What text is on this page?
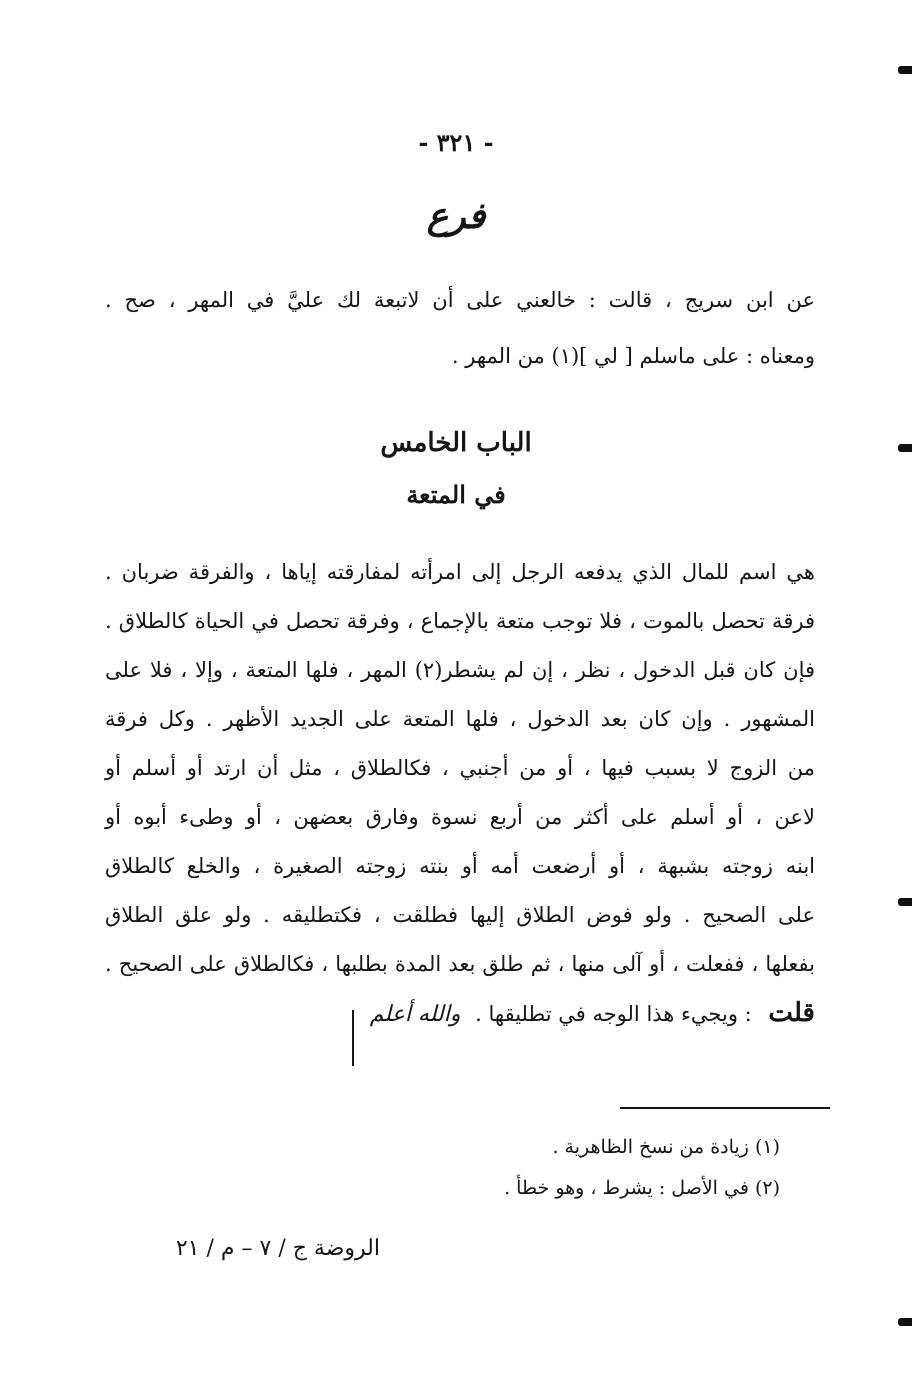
- ٣٢١ -
فرع
عن ابن سريج ، قالت : خالعني على أن لاتبعة لك عليَّ في المهر ، صح .
ومعناه : على ماسلم [ لي ](١) من المهر .
الباب الخامس
في المتعة
هي اسم للمال الذي يدفعه الرجل إلى امرأته لمفارقته إياها ، والفرقة ضربان .
فرقة تحصل بالموت ، فلا توجب متعة بالإجماع ، وفرقة تحصل في الحياة كالطلاق .
فإن كان قبل الدخول ، نظر ، إن لم يشطر(٢) المهر ، فلها المتعة ، وإلا ، فلا على
المشهور . وإن كان بعد الدخول ، فلها المتعة على الجديد الأظهر . وكل فرقة
من الزوج لا بسبب فيها ، أو من أجنبي ، فكالطلاق ، مثل أن ارتد أو أسلم أو
لاعن ، أو أسلم على أكثر من أربع نسوة وفارق بعضهن ، أو وطىء أبوه أو
ابنه زوجته بشبهة ، أو أرضعت أمه أو بنته زوجته الصغيرة ، والخلع كالطلاق
على الصحيح . ولو فوض الطلاق إليها فطلقت ، فكتطليقه . ولو علق الطلاق
بفعلها ، ففعلت ، أو آلى منها ، ثم طلق بعد المدة بطلبها ، فكالطلاق على الصحيح .
قلت : ويجيء هذا الوجه في تطليقها . والله أعلم
(١) زيادة من نسخ الظاهرية .
(٢) في الأصل : يشرط ، وهو خطأ .
الروضة ج / ٧ – م / ٢١
